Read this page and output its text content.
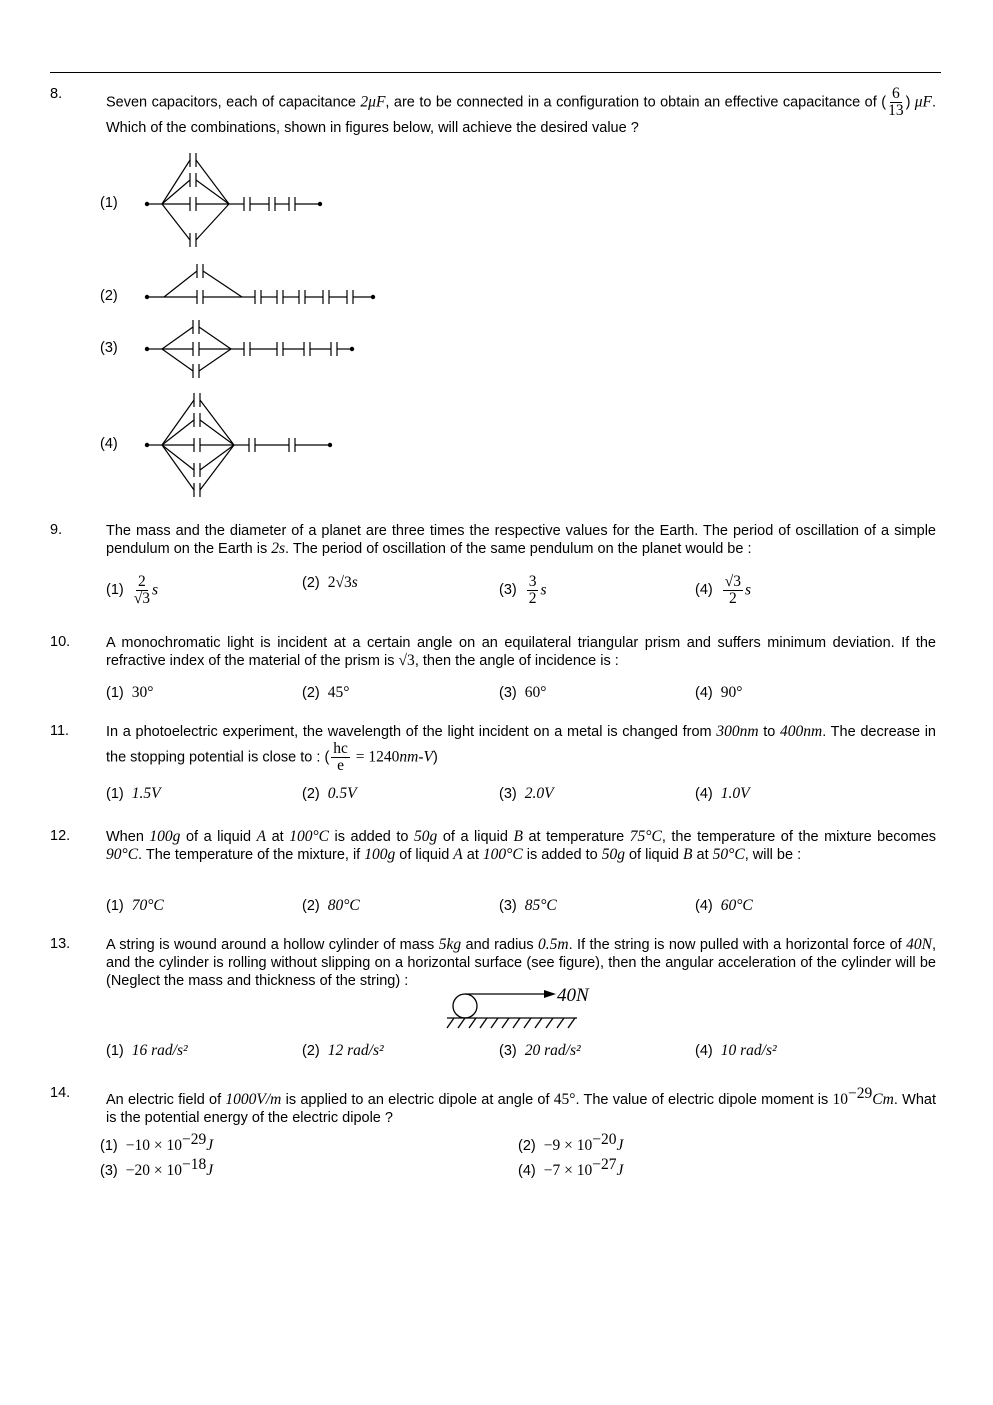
8.
Seven capacitors, each of capacitance 2μF, are to be connected in a configuration to obtain an effective capacitance of ( $\frac{6}{13}$ ) μF. Which of the combinations, shown in figures below, will achieve the desired value ?
9.	The mass and the diameter of a planet are three times the respective values for the Earth. The period of oscillation of a simple pendulum on the Earth is 2s. The period of oscillation of the same pendulum on the planet would be :
$(1) \frac{2}{√3}$ s	(2) 2√3s	$(3) \frac{3}{2}$ s	$(4) \frac{√3}{2}$ s
10. A monochromatic light is incident at a certain angle on an equilateral triangular prism and suffers minimum deviation. If the refractive index of the material of the prism is √3, then the angle of incidence is :
(1) 30°	(2) 45°	(3) 60°	(4) 90°
11.	In a photoelectric experiment, the wavelength of the light incident on a metal is changed from 300nm to 400nm. The decrease in the stopping potential is close to : ( $\frac{hc}{e} = 1240nm-V$)
(1) 1.5V	(2) 0.5V	(3) 2.0V	(4) 1.0V
12. When 100g of a liquid A at 100°C is added to 50g of a liquid B at temperature 75°C, the temperature of the mixture becomes 90°C. The temperature of the mixture, if 100g of liquid A at 100°C is added to 50g of liquid B at 50°C, will be :
(1) 70°C	(2) 80°C	(3) 85°C	(4) 60°C
13. A string is wound around a hollow cylinder of mass 5kg and radius 0.5m. If the string is now pulled with a horizontal force of 40N, and the cylinder is rolling without slipping on a horizontal surface (see figure), then the angular acceleration of the cylinder will be (Neglect the mass and thickness of the string) :
(1) 16 rad/s²	(2) 12 rad/s²	(3) 20 rad/s²	(4) 10 rad/s²
14. An electric field of 1000V/m is applied to an electric dipole at angle of 45°. The value of electric dipole moment is $10^{-29}Cm$. What is the potential energy of the electric dipole ?
$(1) -10 \times 10^{-29}J$	$(2) -9 \times 10^{-20}J$
$(3) -20 \times 10^{-18}J$	$(4) -7 \times 10^{-27}J$
(1)
(2)
(3)
(4)
40N
